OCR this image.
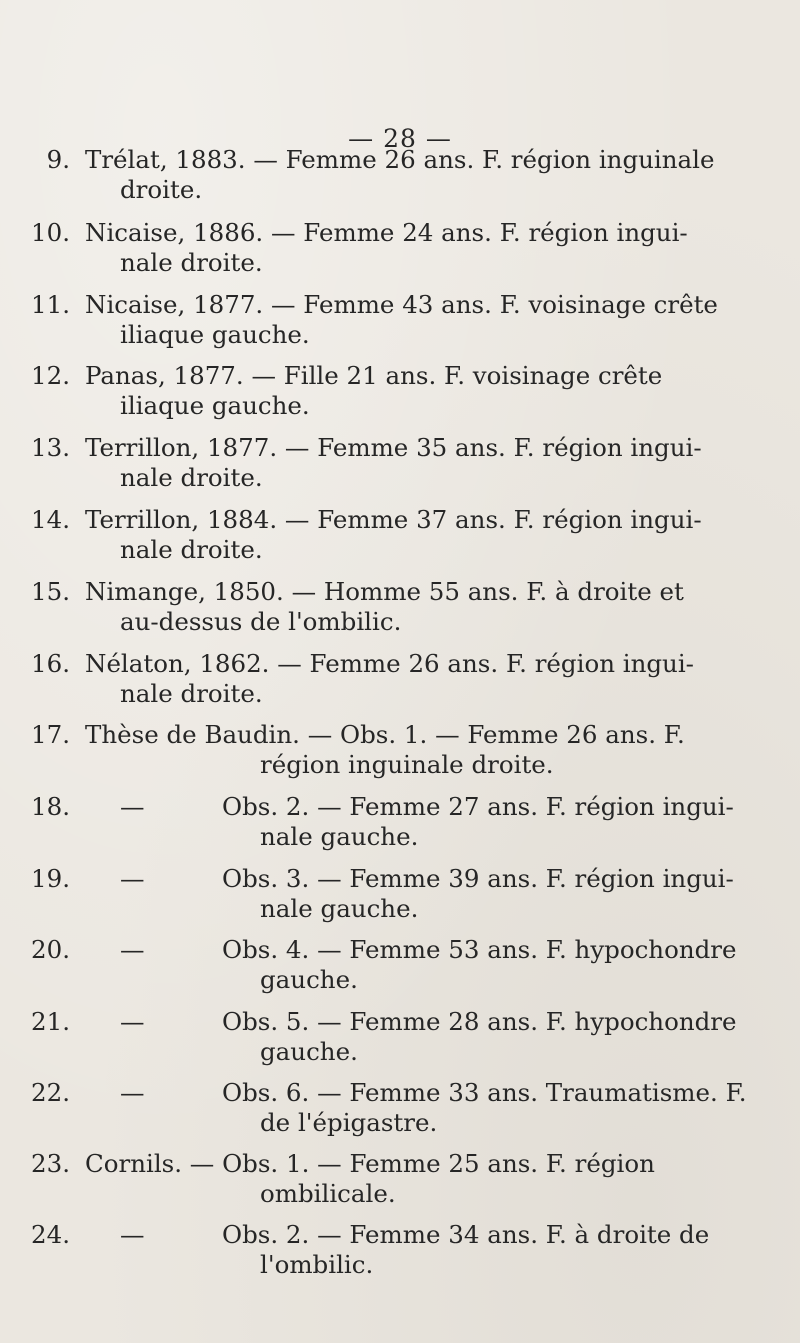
— 28 —
9. Trélat, 1883. — Femme 26 ans. F. région inguinale
droite.
10. Nicaise, 1886. — Femme 24 ans. F. région ingui-
nale droite.
11. Nicaise, 1877. — Femme 43 ans. F. voisinage crête
iliaque gauche.
12. Panas, 1877. — Fille 21 ans. F. voisinage crête
iliaque gauche.
13. Terrillon, 1877. — Femme 35 ans. F. région ingui-
nale droite.
14. Terrillon, 1884. — Femme 37 ans. F. région ingui-
nale droite.
15. Nimange, 1850. — Homme 55 ans. F. à droite et
au-dessus de l'ombilic.
16. Nélaton, 1862. — Femme 26 ans. F. région ingui-
nale droite.
17. Thèse de Baudin. — Obs. 1. — Femme 26 ans. F.
région inguinale droite.
18. —	Obs. 2. — Femme 27 ans. F. région ingui-
nale gauche.
19. —	Obs. 3. — Femme 39 ans. F. région ingui-
nale gauche.
20. —	Obs. 4. — Femme 53 ans. F. hypochondre
gauche.
21. —	Obs. 5. — Femme 28 ans. F. hypochondre
gauche.
22. —	Obs. 6. — Femme 33 ans. Traumatisme. F.
de l'épigastre.
23. Cornils. — Obs. 1. — Femme 25 ans. F. région
ombilicale.
24. —	Obs. 2. — Femme 34 ans. F. à droite de
l'ombilic.
